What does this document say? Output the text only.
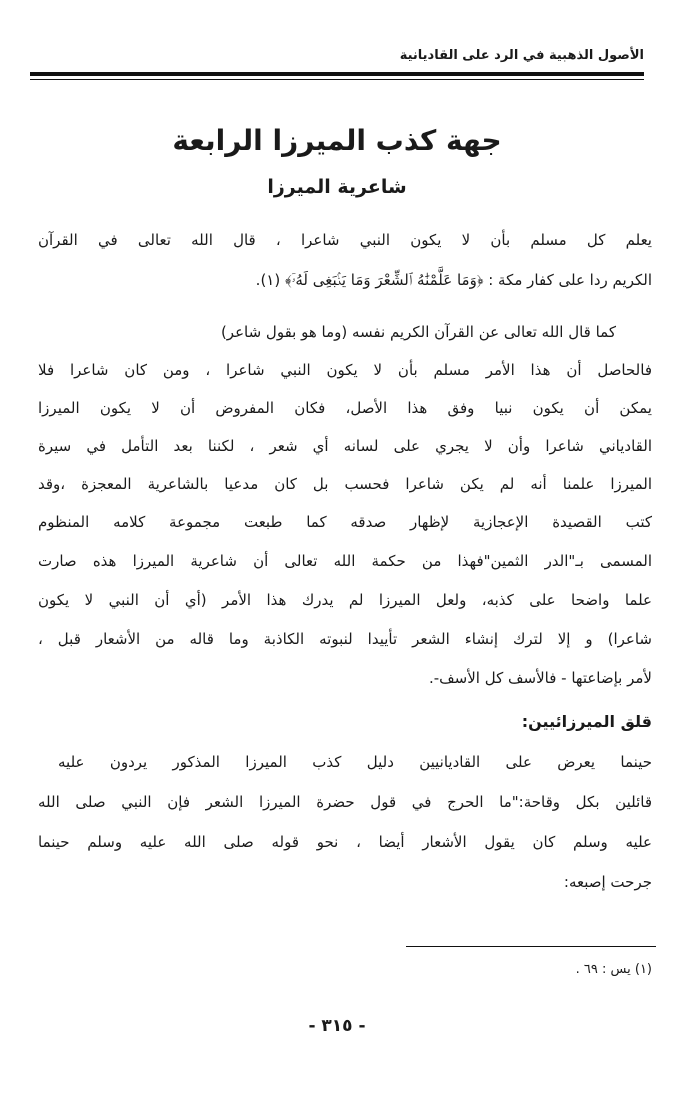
الأصول الذهبية في الرد على القاديانية
جهة كذب الميرزا الرابعة
شاعرية الميرزا
يعلم كل مسلم بأن لا يكون النبي شاعرا ، قال الله تعالى في القرآن
الكريم ردا على كفار مكة : ﴿وَمَا عَلَّمْنَٰهُ ٱلشِّعْرَ وَمَا يَنۢبَغِى لَهُۥٓ﴾ (١).
كما قال الله تعالى عن القرآن الكريم نفسه (وما هو بقول شاعر)
فالحاصل أن هذا الأمر مسلم بأن لا يكون النبي شاعرا ، ومن كان شاعرا فلا
يمكن أن يكون نبيا وفق هذا الأصل، فكان المفروض أن لا يكون الميرزا
القادياني شاعرا وأن لا يجري على لسانه أي شعر ، لكننا بعد التأمل في سيرة
الميرزا علمنا أنه لم يكن شاعرا فحسب بل كان مدعيا بالشاعرية المعجزة ،وقد
كتب القصيدة الإعجازية لإظهار صدقه كما طبعت مجموعة كلامه المنظوم
المسمى بـ"الدر الثمين"فهذا من حكمة الله تعالى أن شاعرية الميرزا هذه صارت
علما واضحا على كذبه، ولعل الميرزا لم يدرك هذا الأمر (أي أن النبي لا يكون
شاعرا) و إلا لترك إنشاء الشعر تأييدا لنبوته الكاذبة وما قاله من الأشعار قبل ،
لأمر بإضاعتها - فالأسف كل الأسف-.
قلق الميرزائيين:
حينما يعرض على القاديانيين دليل كذب الميرزا المذكور يردون عليه
قائلين بكل وقاحة:"ما الحرج في قول حضرة الميرزا الشعر فإن النبي صلى الله
عليه وسلم كان يقول الأشعار أيضا ، نحو قوله صلى الله عليه وسلم حينما
جرحت إصبعه:
(١) يس : ٦٩ .
- ٣١٥ -
